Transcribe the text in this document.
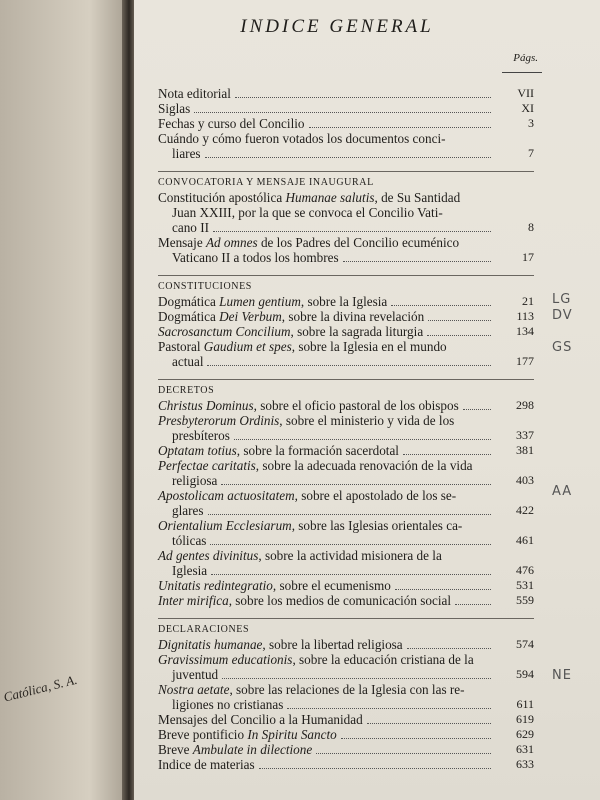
Católica, S. A.
INDICE GENERAL
Págs.
Nota editorial	VII
Siglas	XI
Fechas y curso del Concilio	3
Cuándo y cómo fueron votados los documentos conci-
liares	7
CONVOCATORIA Y MENSAJE INAUGURAL
Constitución apostólica Humanae salutis, de Su Santidad
Juan XXIII, por la que se convoca el Concilio Vati-
cano II	8
Mensaje Ad omnes de los Padres del Concilio ecuménico
Vaticano II a todos los hombres	17
CONSTITUCIONES
Dogmática Lumen gentium, sobre la Iglesia	21
Dogmática Dei Verbum, sobre la divina revelación	113
Sacrosanctum Concilium, sobre la sagrada liturgia	134
Pastoral Gaudium et spes, sobre la Iglesia en el mundo
actual	177
DECRETOS
Christus Dominus, sobre el oficio pastoral de los obispos	298
Presbyterorum Ordinis, sobre el ministerio y vida de los
presbíteros	337
Optatam totius, sobre la formación sacerdotal	381
Perfectae caritatis, sobre la adecuada renovación de la vida
religiosa	403
Apostolicam actuositatem, sobre el apostolado de los se-
glares	422
Orientalium Ecclesiarum, sobre las Iglesias orientales ca-
tólicas	461
Ad gentes divinitus, sobre la actividad misionera de la
Iglesia	476
Unitatis redintegratio, sobre el ecumenismo	531
Inter mirifica, sobre los medios de comunicación social	559
DECLARACIONES
Dignitatis humanae, sobre la libertad religiosa	574
Gravissimum educationis, sobre la educación cristiana de la
juventud	594
Nostra aetate, sobre las relaciones de la Iglesia con las re-
ligiones no cristianas	611
Mensajes del Concilio a la Humanidad	619
Breve pontificio In Spiritu Sancto	629
Breve Ambulate in dilectione	631
Indice de materias	633
LG
DV
GS
AA
NE
